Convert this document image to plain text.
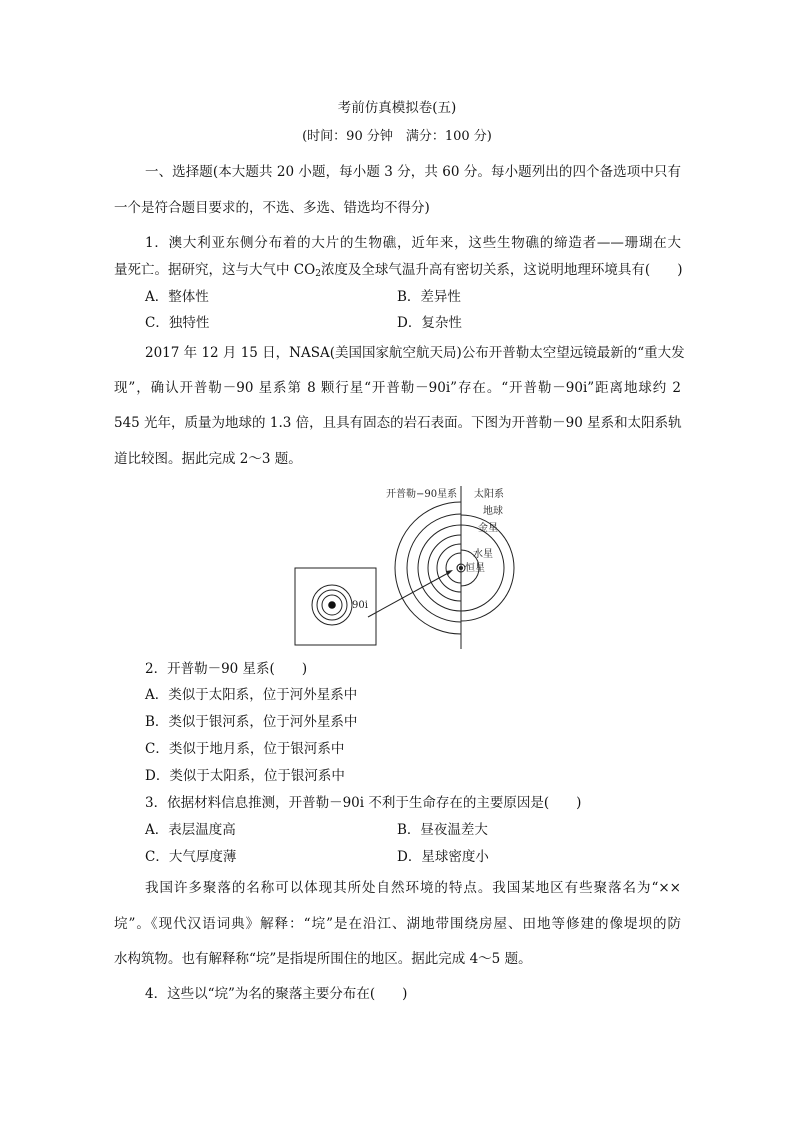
考前仿真模拟卷(五)
(时间：90 分钟　满分：100 分)
一、选择题(本大题共 20 小题，每小题 3 分，共 60 分。每小题列出的四个备选项中只有
一个是符合题目要求的，不选、多选、错选均不得分)
1．澳大利亚东侧分布着的大片的生物礁，近年来，这些生物礁的缔造者——珊瑚在大
量死亡。据研究，这与大气中 $CO_2$浓度及全球气温升高有密切关系，这说明地理环境具有(　　)
A．整体性	B．差异性
C．独特性	D．复杂性
2017 年 12 月 15 日，NASA(美国国家航空航天局)公布开普勒太空望远镜最新的“重大发
现”，确认开普勒－90 星系第 8 颗行星“开普勒－90i”存在。“开普勒－90i”距离地球约 2
545 光年，质量为地球的 1.3 倍，且具有固态的岩石表面。下图为开普勒－90 星系和太阳系轨
道比较图。据此完成 2～3 题。
开普勒−90星系 太阳系
地球
金星
水星
恒星
90i
2．开普勒－90 星系(　　)
A．类似于太阳系，位于河外星系中
B．类似于银河系，位于河外星系中
C．类似于地月系，位于银河系中
D．类似于太阳系，位于银河系中
3．依据材料信息推测，开普勒－90i 不利于生命存在的主要原因是(　　)
A．表层温度高	B．昼夜温差大
C．大气厚度薄	D．星球密度小
我国许多聚落的名称可以体现其所处自然环境的特点。我国某地区有些聚落名为“××
垸”。《现代汉语词典》解释：“垸”是在沿江、湖地带围绕房屋、田地等修建的像堤坝的防
水构筑物。也有解释称“垸”是指堤所围住的地区。据此完成 4～5 题。
4．这些以“垸”为名的聚落主要分布在(　　)
